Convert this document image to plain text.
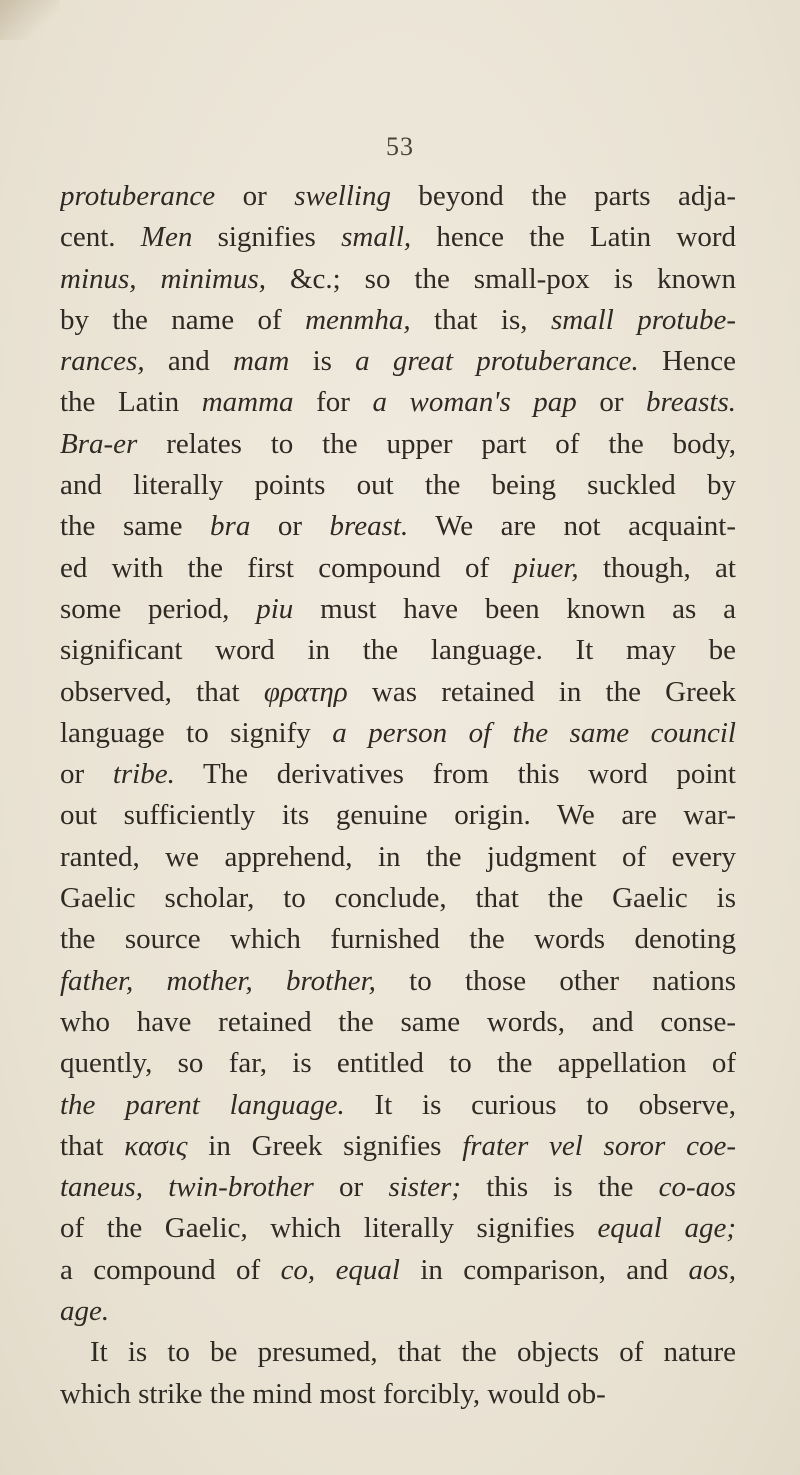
53
protuberance or swelling beyond the parts adja-
cent. Men signifies small, hence the Latin word
minus, minimus, &c.; so the small-pox is known
by the name of menmha, that is, small protube-
rances, and mam is a great protuberance. Hence
the Latin mamma for a woman's pap or breasts.
Bra-er relates to the upper part of the body,
and literally points out the being suckled by
the same bra or breast. We are not acquaint-
ed with the first compound of piuer, though, at
some period, piu must have been known as a
significant word in the language. It may be
observed, that φρατηρ was retained in the Greek
language to signify a person of the same council
or tribe. The derivatives from this word point
out sufficiently its genuine origin. We are war-
ranted, we apprehend, in the judgment of every
Gaelic scholar, to conclude, that the Gaelic is
the source which furnished the words denoting
father, mother, brother, to those other nations
who have retained the same words, and conse-
quently, so far, is entitled to the appellation of
the parent language. It is curious to observe,
that κασις in Greek signifies frater vel soror coe-
taneus, twin-brother or sister; this is the co-aos
of the Gaelic, which literally signifies equal age;
a compound of co, equal in comparison, and aos,
age.
It is to be presumed, that the objects of nature
which strike the mind most forcibly, would ob-
